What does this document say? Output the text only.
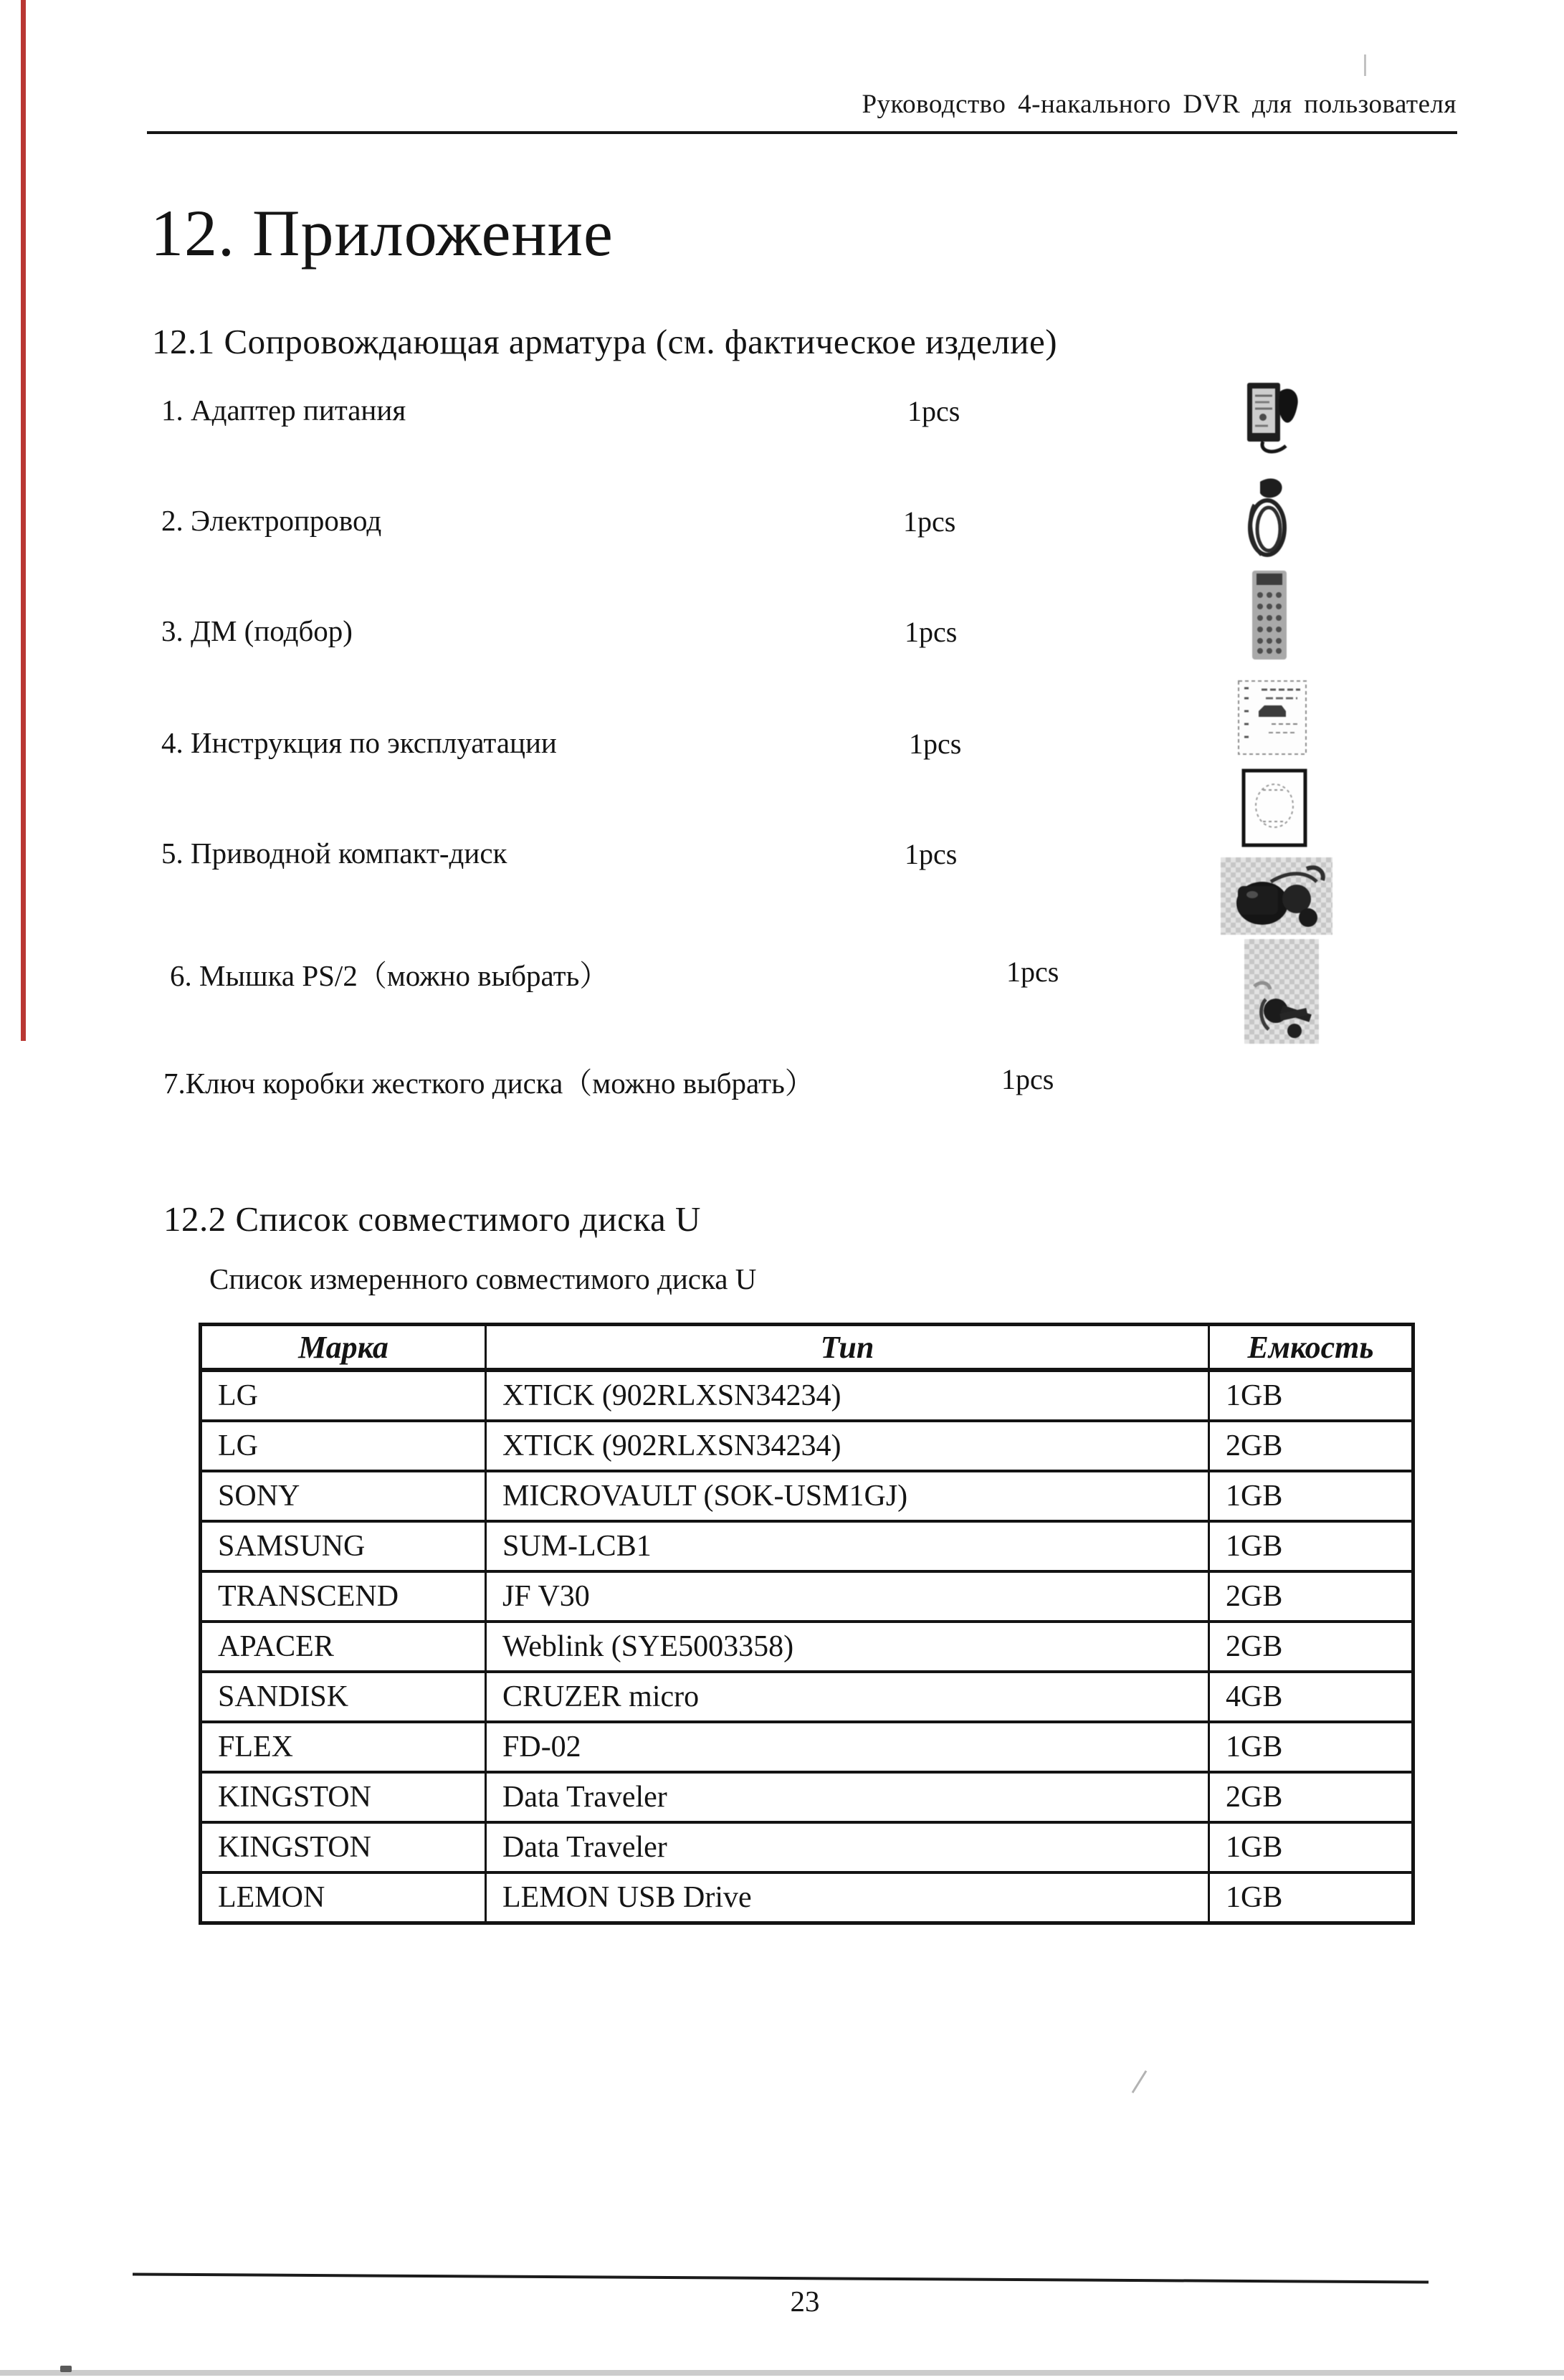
Руководство 4-накального DVR для пользователя
12. Приложение
12.1 Сопровождающая арматура (см. фактическое изделие)
1. Адаптер питания	1pcs
2. Электропровод	1pcs
3. ДМ (подбор)	1pcs
4. Инструкция по эксплуатации	1pcs
5. Приводной компакт-диск	1pcs
6. Мышка PS/2（можно выбрать）	1pcs
7.Ключ коробки жесткого диска（можно выбрать）	1pcs
12.2 Список совместимого диска U
Список измеренного совместимого диска U
Марка	Тип	Емкость
LG	XTICK (902RLXSN34234)	1GB
LG	XTICK (902RLXSN34234)	2GB
SONY	MICROVAULT (SOK-USM1GJ)	1GB
SAMSUNG	SUM-LCB1	1GB
TRANSCEND	JF V30	2GB
APACER	Weblink (SYE5003358)	2GB
SANDISK	CRUZER micro	4GB
FLEX	FD-02	1GB
KINGSTON	Data Traveler	2GB
KINGSTON	Data Traveler	1GB
LEMON	LEMON USB Drive	1GB
23
